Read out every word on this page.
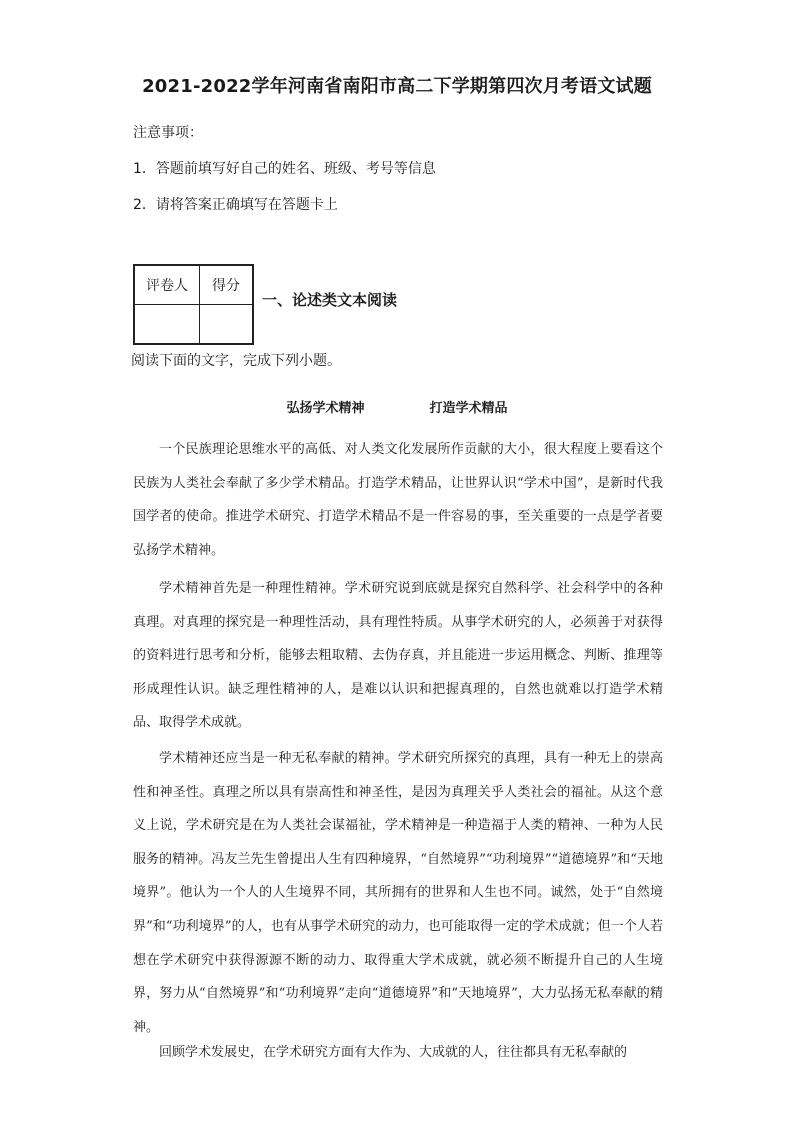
2021-2022学年河南省南阳市高二下学期第四次月考语文试题
注意事项：
1．答题前填写好自己的姓名、班级、考号等信息
2．请将答案正确填写在答题卡上
评卷人	得分

一、论述类文本阅读
阅读下面的文字，完成下列小题。
弘扬学术精神	打造学术精品

一个民族理论思维水平的高低、对人类文化发展所作贡献的大小，很大程度上要看这个民族为人类社会奉献了多少学术精品。打造学术精品，让世界认识“学术中国”，是新时代我国学者的使命。推进学术研究、打造学术精品不是一件容易的事，至关重要的一点是学者要弘扬学术精神。

学术精神首先是一种理性精神。学术研究说到底就是探究自然科学、社会科学中的各种真理。对真理的探究是一种理性活动，具有理性特质。从事学术研究的人，必须善于对获得的资料进行思考和分析，能够去粗取精、去伪存真，并且能进一步运用概念、判断、推理等形成理性认识。缺乏理性精神的人，是难以认识和把握真理的，自然也就难以打造学术精品、取得学术成就。

学术精神还应当是一种无私奉献的精神。学术研究所探究的真理，具有一种无上的崇高性和神圣性。真理之所以具有崇高性和神圣性，是因为真理关乎人类社会的福祉。从这个意义上说，学术研究是在为人类社会谋福祉，学术精神是一种造福于人类的精神、一种为人民服务的精神。冯友兰先生曾提出人生有四种境界，“自然境界”“功利境界”“道德境界”和“天地境界”。他认为一个人的人生境界不同，其所拥有的世界和人生也不同。诚然，处于“自然境界”和“功利境界”的人，也有从事学术研究的动力，也可能取得一定的学术成就；但一个人若想在学术研究中获得源源不断的动力、取得重大学术成就，就必须不断提升自己的人生境界，努力从“自然境界”和“功利境界”走向“道德境界”和“天地境界”，大力弘扬无私奉献的精神。

回顾学术发展史，在学术研究方面有大作为、大成就的人，往往都具有无私奉献的
